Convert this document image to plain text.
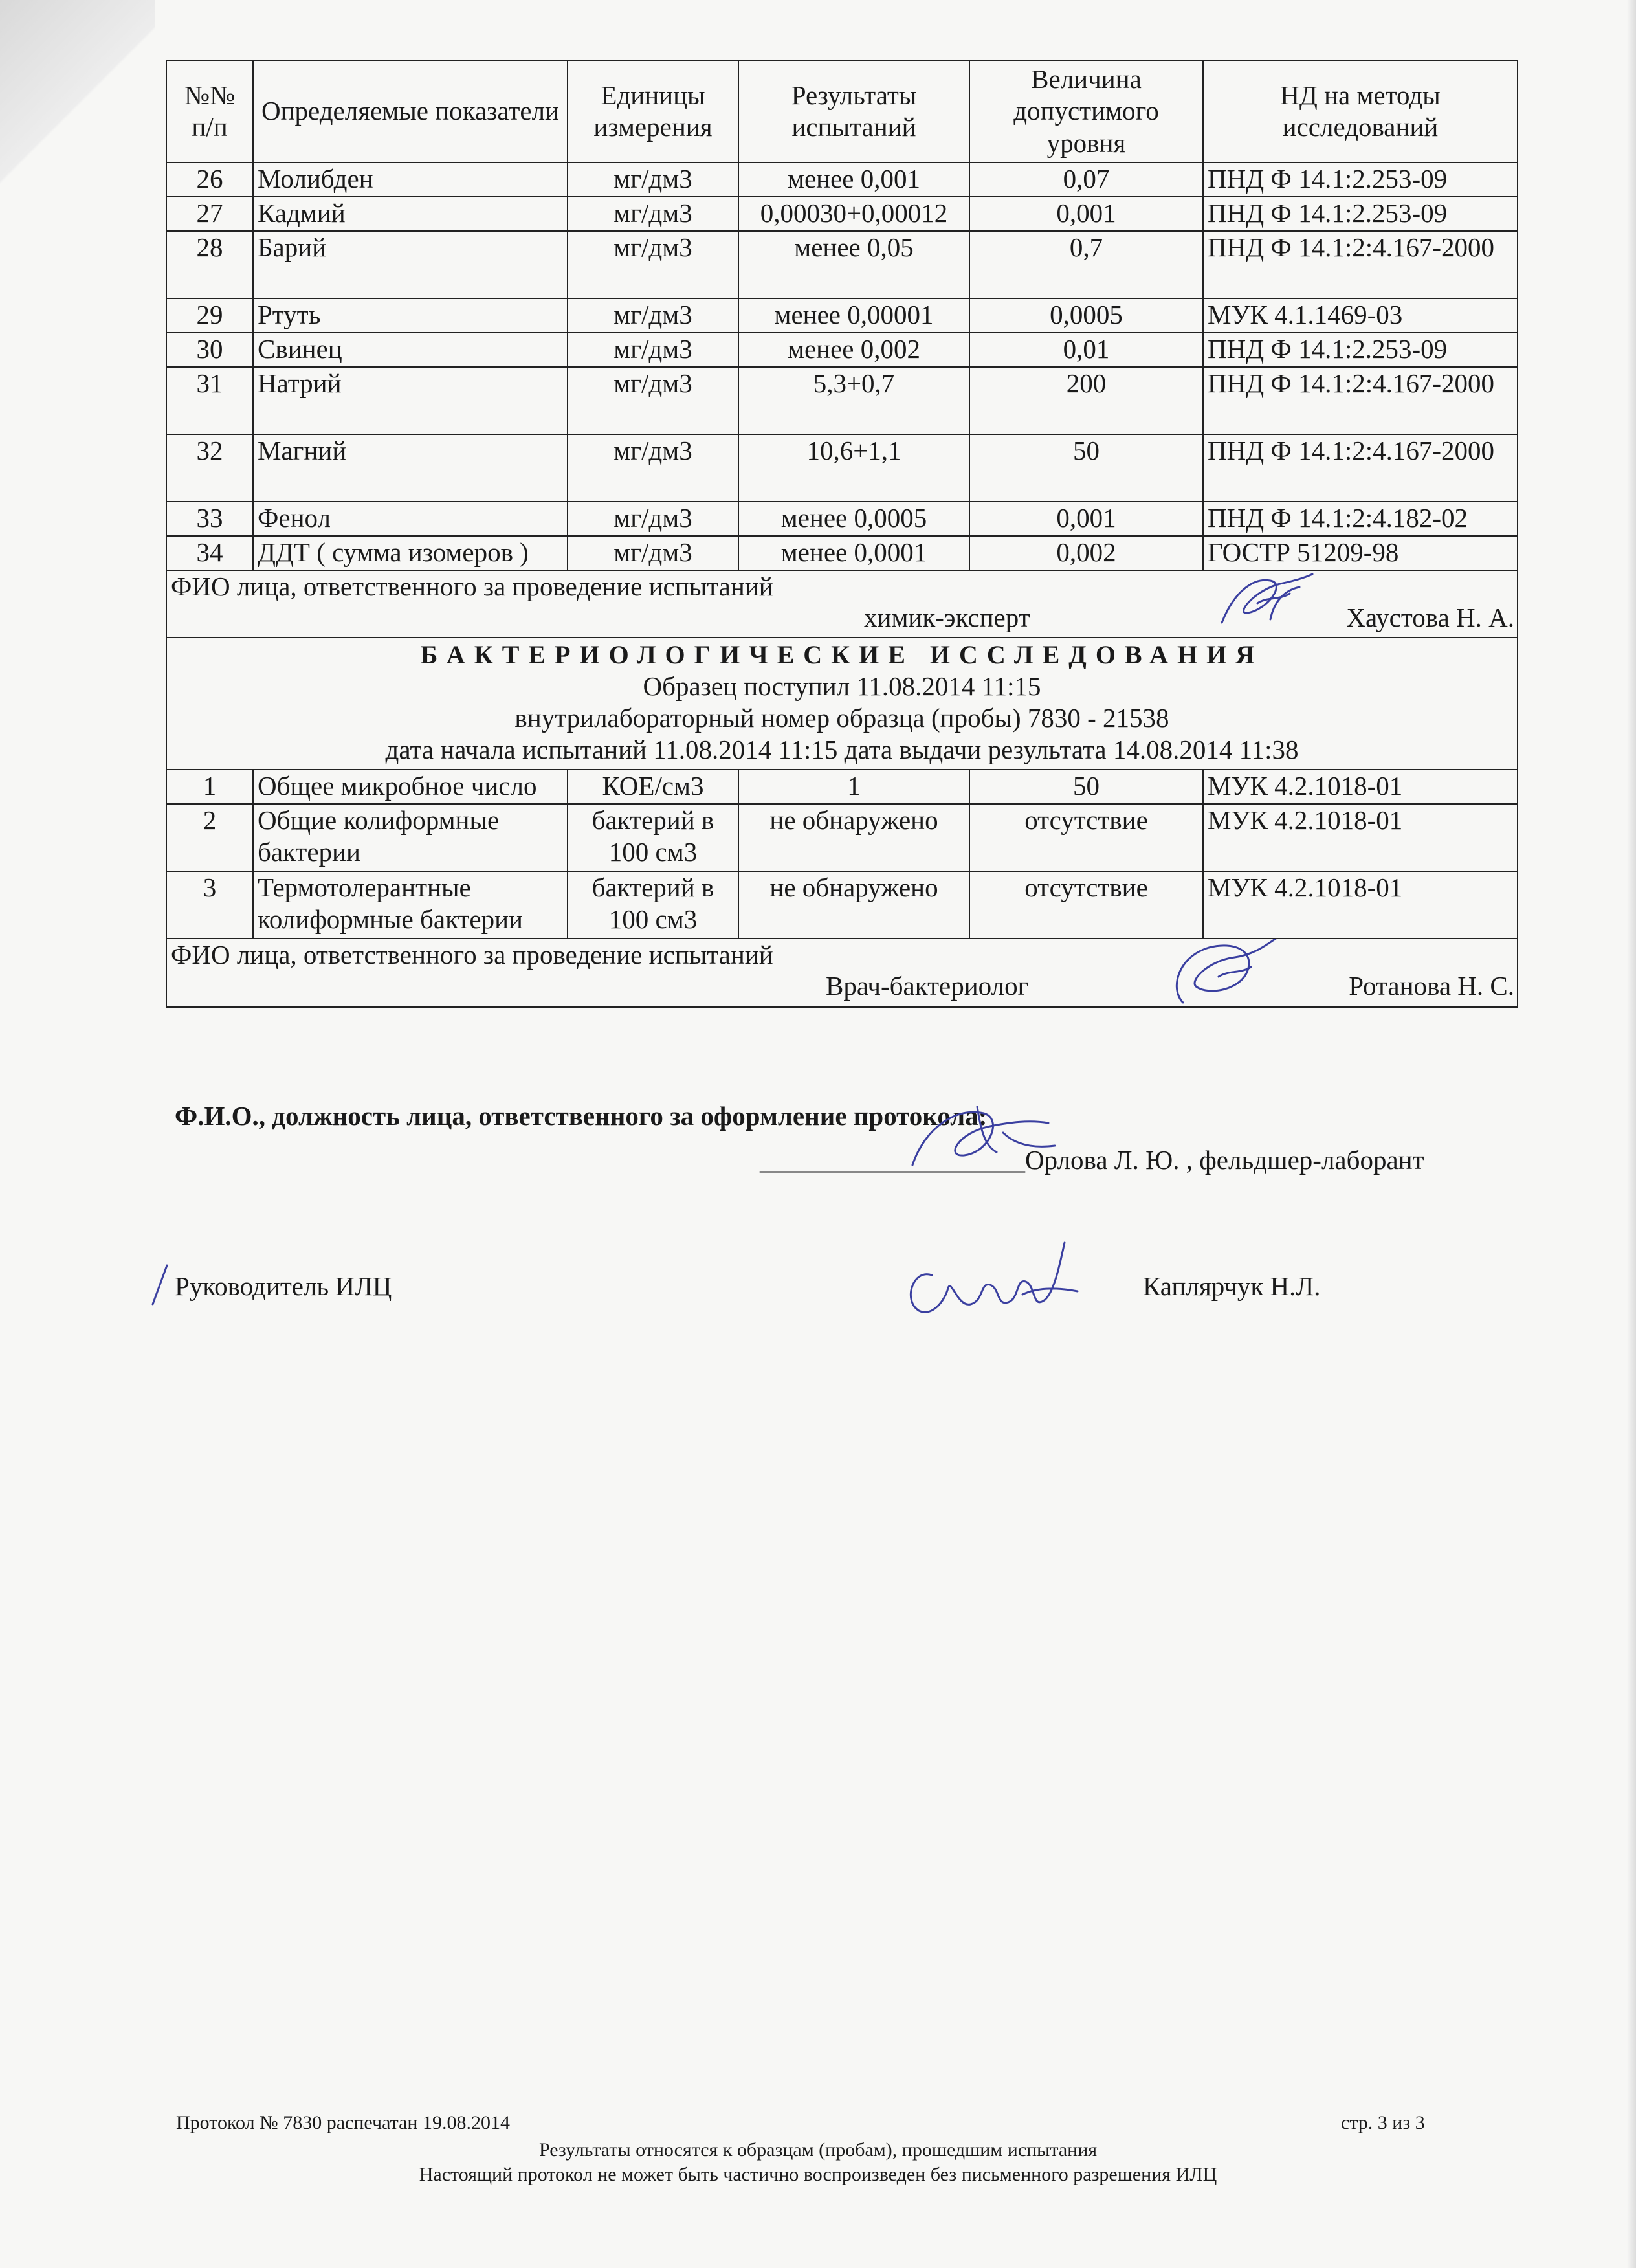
№№ п/п	Определяемые показатели	Единицы измерения	Результаты испытаний	Величина допустимого уровня	НД на методы исследований
26	Молибден	мг/дм3	менее 0,001	0,07	ПНД Ф 14.1:2.253-09
27	Кадмий	мг/дм3	0,00030+0,00012	0,001	ПНД Ф 14.1:2.253-09
28	Барий	мг/дм3	менее 0,05	0,7	ПНД Ф 14.1:2:4.167-2000
29	Ртуть	мг/дм3	менее 0,00001	0,0005	МУК 4.1.1469-03
30	Свинец	мг/дм3	менее 0,002	0,01	ПНД Ф 14.1:2.253-09
31	Натрий	мг/дм3	5,3+0,7	200	ПНД Ф 14.1:2:4.167-2000
32	Магний	мг/дм3	10,6+1,1	50	ПНД Ф 14.1:2:4.167-2000
33	Фенол	мг/дм3	менее 0,0005	0,001	ПНД Ф 14.1:2:4.182-02
34	ДДТ ( сумма изомеров )	мг/дм3	менее 0,0001	0,002	ГОСТР 51209-98

ФИО лица, ответственного за проведение испытаний
химик-эксперт Хаустова Н. А.					

БАКТЕРИОЛОГИЧЕСКИЕ ИССЛЕДОВАНИЯ
Образец поступил 11.08.2014 11:15
внутрилабораторный номер образца (пробы) 7830 - 21538
дата начала испытаний 11.08.2014 11:15 дата выдачи результата 14.08.2014 11:38					

1	Общее микробное число	КОЕ/см3	1	50	МУК 4.2.1018-01
2	Общие колиформные бактерии	бактерий в 100 см3	не обнаружено	отсутствие	МУК 4.2.1018-01
3	Термотолерантные колиформные бактерии	бактерий в 100 см3	не обнаружено	отсутствие	МУК 4.2.1018-01

ФИО лица, ответственного за проведение испытаний
Врач-бактериолог Ротанова Н. С.					
Ф.И.О., должность лица, ответственного за оформление протокола:
____________________Орлова Л. Ю. , фельдшер-лаборант
Руководитель ИЛЦ	Каплярчук Н.Л.
Протокол № 7830 распечатан 19.08.2014	стр. 3 из 3
Результаты относятся к образцам (пробам), прошедшим испытания
Настоящий протокол не может быть частично воспроизведен без письменного разрешения ИЛЦ
